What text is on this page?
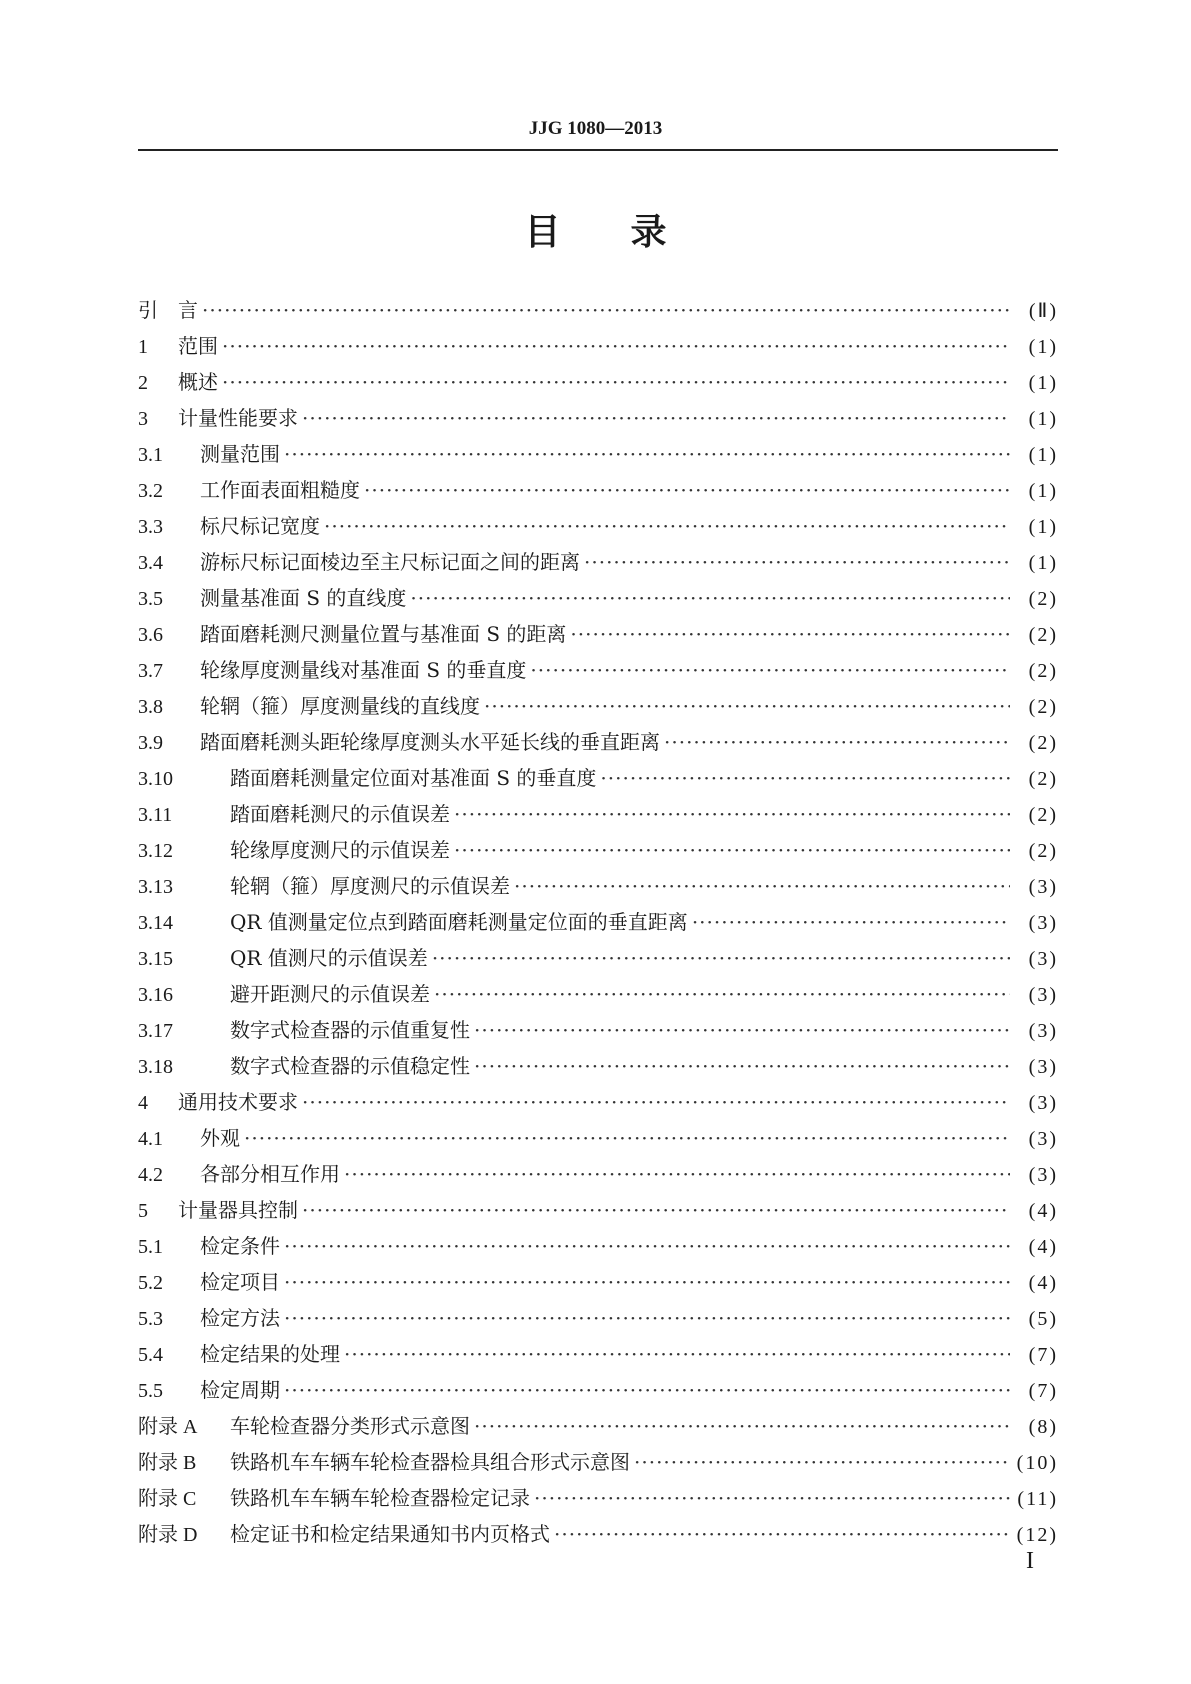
JJG 1080—2013
目录
引	言 ·····	(Ⅱ)
1	范围 ·····	(1)
2	概述 ·····	(1)
3	计量性能要求 ·····	(1)
3.1	测量范围 ·····	(1)
3.2	工作面表面粗糙度 ·····	(1)
3.3	标尺标记宽度 ·····	(1)
3.4	游标尺标记面棱边至主尺标记面之间的距离 ·····	(1)
3.5	测量基准面 S 的直线度 ·····	(2)
3.6	踏面磨耗测尺测量位置与基准面 S 的距离 ·····	(2)
3.7	轮缘厚度测量线对基准面 S 的垂直度 ·····	(2)
3.8	轮辋（箍）厚度测量线的直线度 ·····	(2)
3.9	踏面磨耗测头距轮缘厚度测头水平延长线的垂直距离 ·····	(2)
3.10	踏面磨耗测量定位面对基准面 S 的垂直度 ·····	(2)
3.11	踏面磨耗测尺的示值误差 ·····	(2)
3.12	轮缘厚度测尺的示值误差 ·····	(2)
3.13	轮辋（箍）厚度测尺的示值误差 ·····	(3)
3.14	QR 值测量定位点到踏面磨耗测量定位面的垂直距离 ·····	(3)
3.15	QR 值测尺的示值误差 ·····	(3)
3.16	避开距测尺的示值误差 ·····	(3)
3.17	数字式检查器的示值重复性 ·····	(3)
3.18	数字式检查器的示值稳定性 ·····	(3)
4	通用技术要求 ·····	(3)
4.1	外观 ·····	(3)
4.2	各部分相互作用 ·····	(3)
5	计量器具控制 ·····	(4)
5.1	检定条件 ·····	(4)
5.2	检定项目 ·····	(4)
5.3	检定方法 ·····	(5)
5.4	检定结果的处理 ·····	(7)
5.5	检定周期 ·····	(7)
附录 A	车轮检查器分类形式示意图 ·····	(8)
附录 B	铁路机车车辆车轮检查器检具组合形式示意图 ·····	(10)
附录 C	铁路机车车辆车轮检查器检定记录 ·····	(11)
附录 D	检定证书和检定结果通知书内页格式 ·····	(12)
I
